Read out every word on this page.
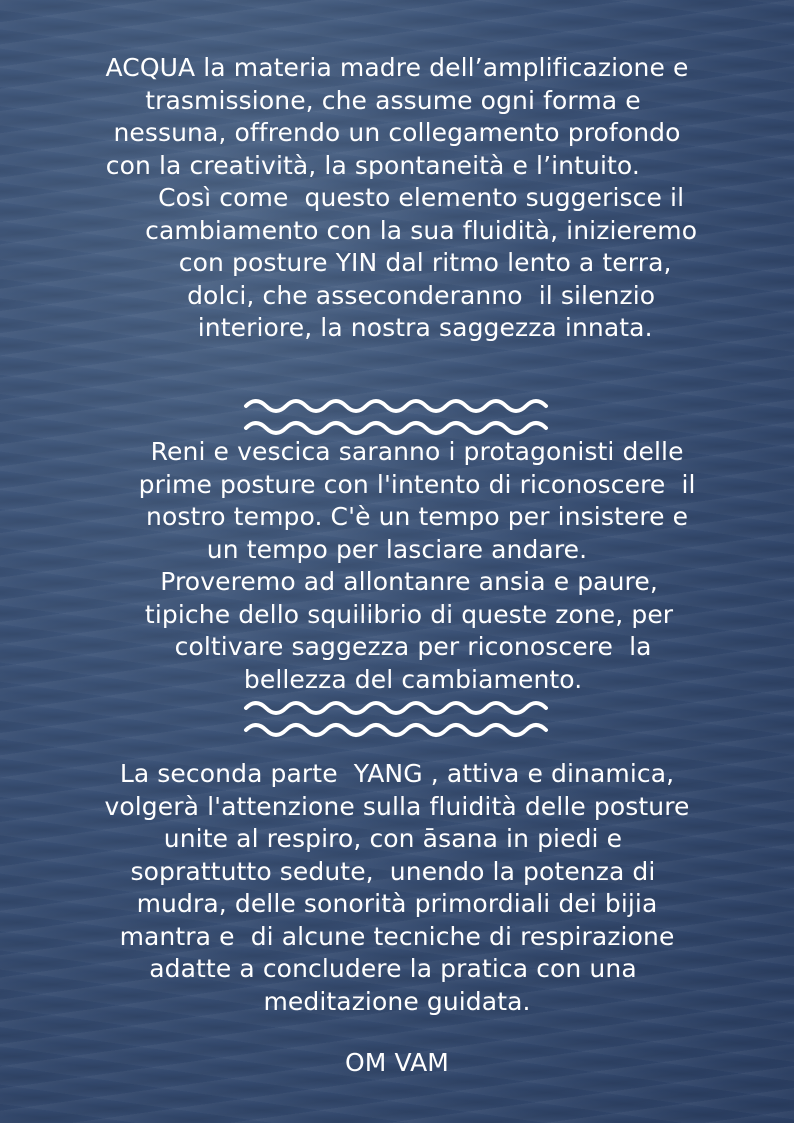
ACQUA la materia madre dell’amplificazione e
trasmissione, che assume ogni forma e
nessuna, offrendo un collegamento profondo
con la creatività, la spontaneità e l’intuito.
Così come  questo elemento suggerisce il
cambiamento con la sua fluidità, inizieremo
con posture YIN dal ritmo lento a terra,
dolci, che asseconderanno  il silenzio
interiore, la nostra saggezza innata.
Reni e vescica saranno i protagonisti delle
prime posture con l'intento di riconoscere  il
nostro tempo. C'è un tempo per insistere e
un tempo per lasciare andare.
Proveremo ad allontanre ansia e paure,
tipiche dello squilibrio di queste zone, per
coltivare saggezza per riconoscere  la
bellezza del cambiamento.
La seconda parte  YANG , attiva e dinamica,
volgerà l'attenzione sulla fluidità delle posture
unite al respiro, con āsana in piedi e
soprattutto sedute,  unendo la potenza di
mudra, delle sonorità primordiali dei bijia
mantra e  di alcune tecniche di respirazione
adatte a concludere la pratica con una
meditazione guidata.
OM VAM
